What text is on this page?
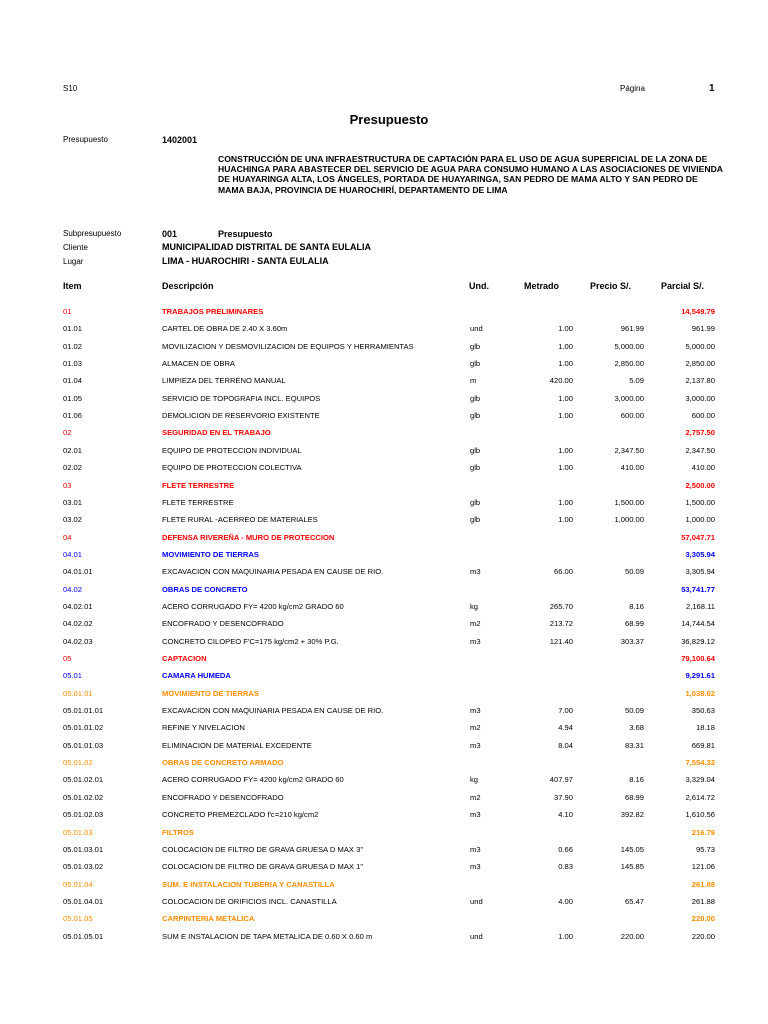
S10	Página	1
Presupuesto
Presupuesto	1402001
CONSTRUCCIÓN DE UNA INFRAESTRUCTURA DE CAPTACIÓN PARA EL USO DE AGUA SUPERFICIAL DE LA ZONA DE HUACHINGA PARA ABASTECER DEL SERVICIO DE AGUA PARA CONSUMO HUMANO A LAS ASOCIACIONES DE VIVIENDA DE HUAYARINGA ALTA, LOS ÁNGELES, PORTADA DE HUAYARINGA, SAN PEDRO DE MAMA ALTO Y SAN PEDRO DE MAMA BAJA, PROVINCIA DE HUAROCHIRÍ, DEPARTAMENTO DE LIMA
Subpresupuesto	001	Presupuesto
Cliente	MUNICIPALIDAD DISTRITAL DE SANTA EULALIA
Lugar	LIMA - HUAROCHIRI - SANTA EULALIA
Item	Descripción	Und.	Metrado	Precio S/.	Parcial S/.
01	TRABAJOS PRELIMINARES	14,549.79
01.01	CARTEL DE OBRA DE 2.40 X 3.60m	und	1.00	961.99	961.99
01.02	MOVILIZACION Y DESMOVILIZACION DE EQUIPOS Y HERRAMIENTAS	glb	1.00	5,000.00	5,000.00
01.03	ALMACEN DE OBRA	glb	1.00	2,850.00	2,850.00
01.04	LIMPIEZA DEL TERRENO MANUAL	m	420.00	5.09	2,137.80
01.05	SERVICIO DE TOPOGRAFIA INCL. EQUIPOS	glb	1.00	3,000.00	3,000.00
01.06	DEMOLICION DE RESERVORIO EXISTENTE	glb	1.00	600.00	600.00
02	SEGURIDAD EN EL TRABAJO	2,757.50
02.01	EQUIPO DE PROTECCION INDIVIDUAL	glb	1.00	2,347.50	2,347.50
02.02	EQUIPO DE PROTECCION COLECTIVA	glb	1.00	410.00	410.00
03	FLETE TERRESTRE	2,500.00
03.01	FLETE TERRESTRE	glb	1.00	1,500.00	1,500.00
03.02	FLETE RURAL -ACERREO DE MATERIALES	glb	1.00	1,000.00	1,000.00
04	DEFENSA RIVEREÑA - MURO DE PROTECCION	57,047.71
04.01	MOVIMIENTO DE TIERRAS	3,305.94
04.01.01	EXCAVACION CON MAQUINARIA PESADA EN CAUSE DE RIO.	m3	66.00	50.09	3,305.94
04.02	OBRAS DE CONCRETO	53,741.77
04.02.01	ACERO CORRUGADO FY= 4200 kg/cm2 GRADO 60	kg	265.70	8.16	2,168.11
04.02.02	ENCOFRADO Y DESENCOFRADO	m2	213.72	68.99	14,744.54
04.02.03	CONCRETO CILOPEO F'C=175 kg/cm2 + 30% P.G.	m3	121.40	303.37	36,829.12
05	CAPTACION	79,100.64
05.01	CAMARA HUMEDA	9,291.61
05.01.01	MOVIMIENTO DE TIERRAS	1,038.62
05.01.01.01	EXCAVACION CON MAQUINARIA PESADA EN CAUSE DE RIO.	m3	7.00	50.09	350.63
05.01.01.02	REFINE Y NIVELACION	m2	4.94	3.68	18.18
05.01.01.03	ELIMINACION DE MATERIAL EXCEDENTE	m3	8.04	83.31	669.81
05.01.02	OBRAS DE CONCRETO ARMADO	7,554.32
05.01.02.01	ACERO CORRUGADO FY= 4200 kg/cm2 GRADO 60	kg	407.97	8.16	3,329.04
05.01.02.02	ENCOFRADO Y DESENCOFRADO	m2	37.90	68.99	2,614.72
05.01.02.03	CONCRETO PREMEZCLADO f'c=210 kg/cm2	m3	4.10	392.82	1,610.56
05.01.03	FILTROS	216.79
05.01.03.01	COLOCACION DE FILTRO DE GRAVA GRUESA D MAX 3"	m3	0.66	145.05	95.73
05.01.03.02	COLOCACION DE FILTRO DE GRAVA GRUESA D MAX 1"	m3	0.83	145.85	121.06
05.01.04	SUM. E INSTALACION TUBERIA Y CANASTILLA	261.88
05.01.04.01	COLOCACION DE ORIFICIOS INCL. CANASTILLA	und	4.00	65.47	261.88
05.01.05	CARPINTERIA METALICA	220.00
05.01.05.01	SUM E INSTALACION DE TAPA METALICA DE 0.60 X 0.60 m	und	1.00	220.00	220.00
